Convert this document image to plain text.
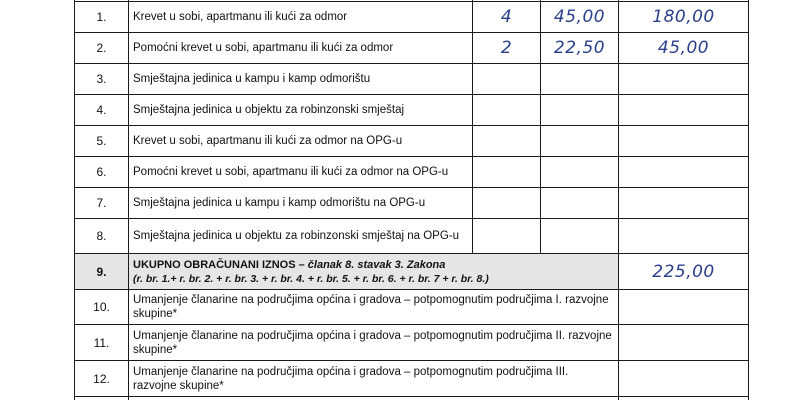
1.	Krevet u sobi, apartmanu ili kući za odmor	4	45,00	180,00

2.	Pomoćni krevet u sobi, apartmanu ili kući za odmor	2	22,50	45,00

3.	Smještajna jedinica u kampu i kamp odmorištu			
4.	Smještajna jedinica u objektu za robinzonski smještaj			
5.	Krevet u sobi, apartmanu ili kući za odmor na OPG-u			
6.	Pomoćni krevet u sobi, apartmanu ili kući za odmor na OPG-u			
7.	Smještajna jedinica u kampu i kamp odmorištu na OPG-u			
8.	Smještajna jedinica u objektu za robinzonski smještaj na OPG-u			
9.	UKUPNO OBRAČUNANI IZNOS – članak 8. stavak 3. Zakona
(r. br. 1.+ r. br. 2. + r. br. 3. + r. br. 4. + r. br. 5. + r. br. 6. + r. br. 7 + r. br. 8.)			225,00

10.	Umanjenje članarine na područjima općina i gradova – potpomognutim područjima I. razvojne skupine*			
11.	Umanjenje članarine na područjima općina i gradova – potpomognutim područjima II. razvojne skupine*			
12.	Umanjenje članarine na područjima općina i gradova – potpomognutim područjima III. razvojne skupine*			
